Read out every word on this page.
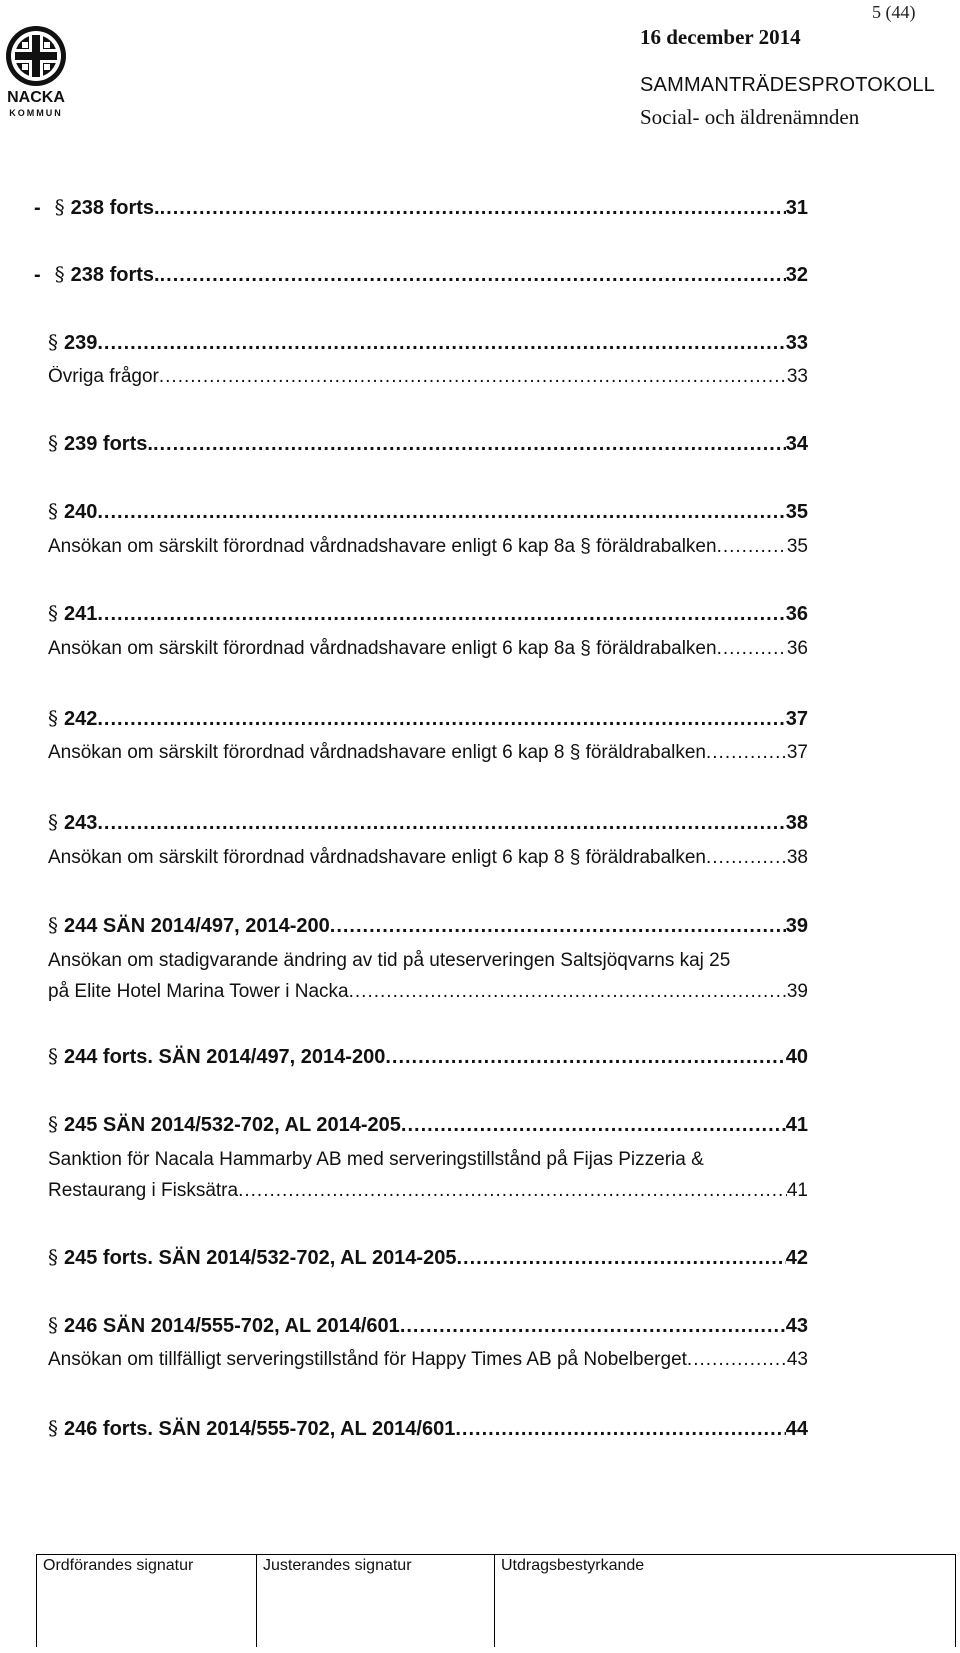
NACKA
KOMMUN
5 (44)
16 december 2014
SAMMANTRÄDESPROTOKOLL
Social- och äldrenämnden
- § 238 forts. .....	31
- § 238 forts. .....	32
§ 239 .....	33
Övriga frågor .....	33
§ 239 forts. .....	34
§ 240 .....	35
Ansökan om särskilt förordnad vårdnadshavare enligt 6 kap 8a § föräldrabalken .....	35
§ 241 .....	36
Ansökan om särskilt förordnad vårdnadshavare enligt 6 kap 8a § föräldrabalken .....	36
§ 242 .....	37
Ansökan om särskilt förordnad vårdnadshavare enligt 6 kap 8 § föräldrabalken .....	37
§ 243 .....	38
Ansökan om särskilt förordnad vårdnadshavare enligt 6 kap 8 § föräldrabalken .....	38
§ 244 SÄN 2014/497, 2014-200 .....	39
Ansökan om stadigvarande ändring av tid på uteserveringen Saltsjöqvarns kaj 25
på Elite Hotel Marina Tower i Nacka .....	39
§ 244 forts. SÄN 2014/497, 2014-200 .....	40
§ 245 SÄN 2014/532-702, AL 2014-205 .....	41
Sanktion för Nacala Hammarby AB med serveringstillstånd på Fijas Pizzeria &
Restaurang i Fisksätra .....	41
§ 245 forts. SÄN 2014/532-702, AL 2014-205 .....	42
§ 246 SÄN 2014/555-702, AL 2014/601 .....	43
Ansökan om tillfälligt serveringstillstånd för Happy Times AB på Nobelberget .....	43
§ 246 forts. SÄN 2014/555-702, AL 2014/601 .....	44
Ordförandes signatur	Justerandes signatur	Utdragsbestyrkande
